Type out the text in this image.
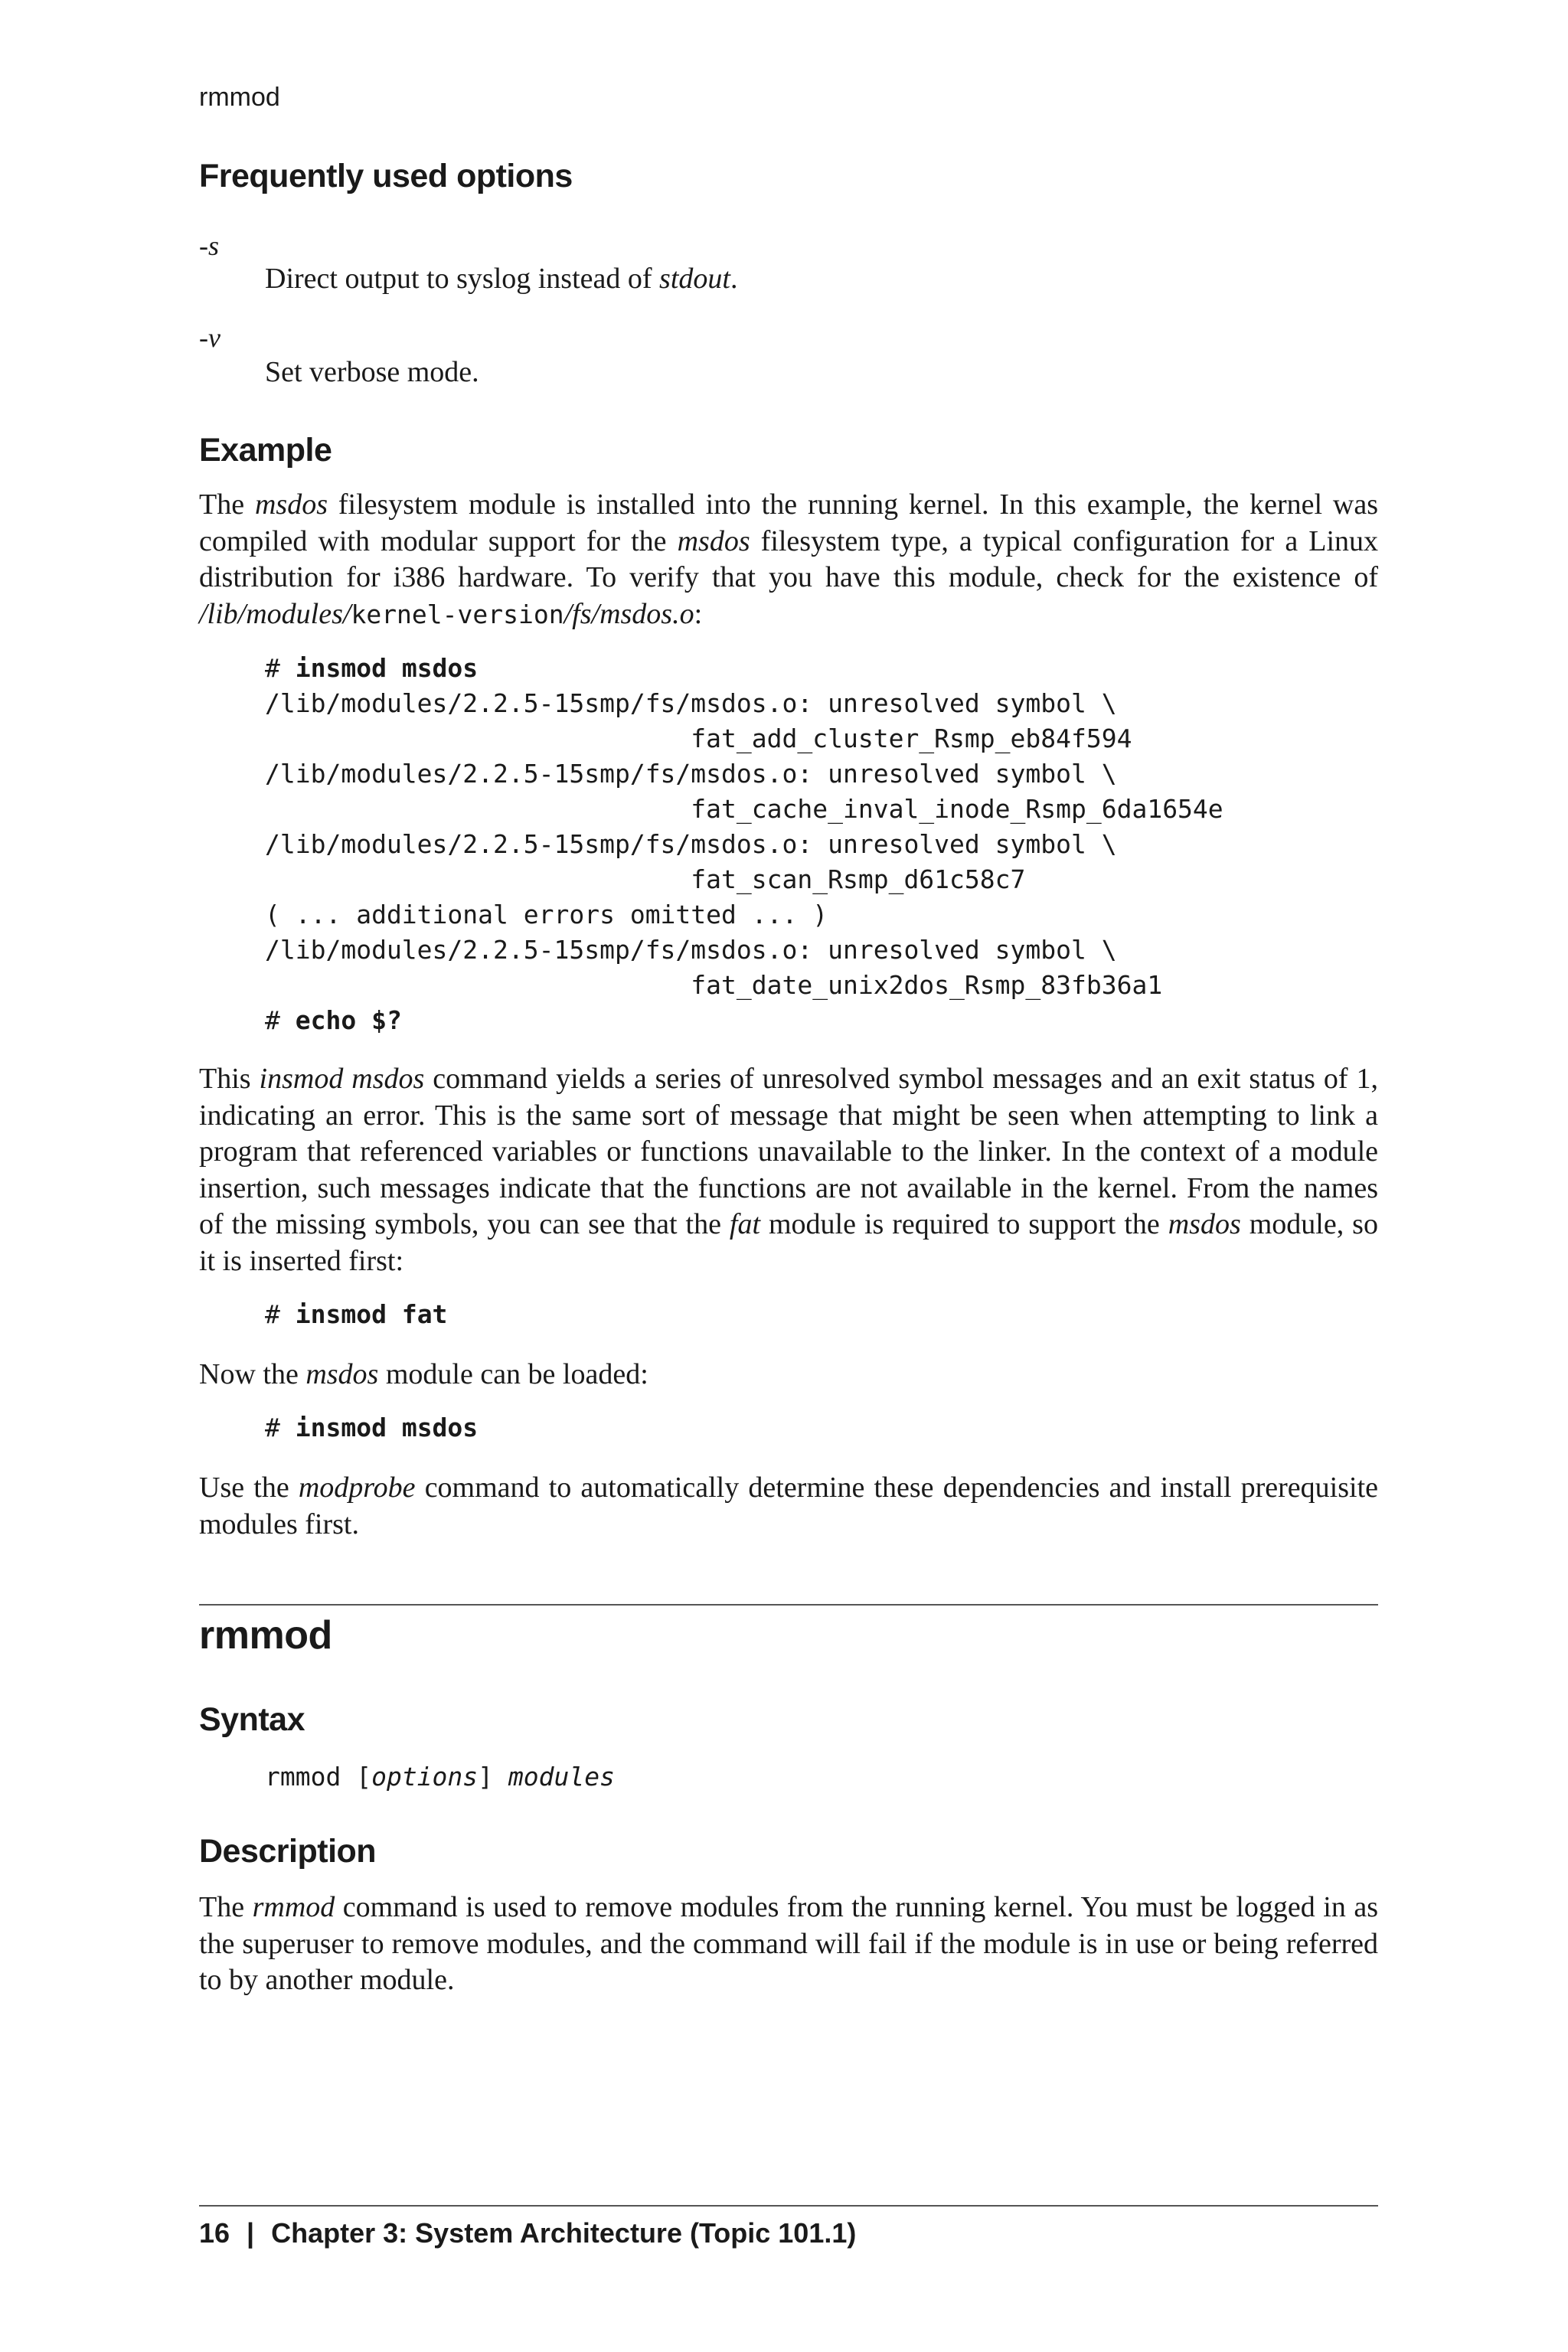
rmmod
Frequently used options
-s
Direct output to syslog instead of stdout.
-v
Set verbose mode.
Example
The msdos filesystem module is installed into the running kernel. In this example, the kernel was compiled with modular support for the msdos filesystem type, a typical configuration for a Linux distribution for i386 hardware. To verify that you have this module, check for the existence of /lib/modules/kernel-version/fs/msdos.o:
# insmod msdos
/lib/modules/2.2.5-15smp/fs/msdos.o: unresolved symbol \
fat_add_cluster_Rsmp_eb84f594
/lib/modules/2.2.5-15smp/fs/msdos.o: unresolved symbol \
fat_cache_inval_inode_Rsmp_6da1654e
/lib/modules/2.2.5-15smp/fs/msdos.o: unresolved symbol \
fat_scan_Rsmp_d61c58c7
( ... additional errors omitted ... )
/lib/modules/2.2.5-15smp/fs/msdos.o: unresolved symbol \
fat_date_unix2dos_Rsmp_83fb36a1
# echo $?
This insmod msdos command yields a series of unresolved symbol messages and an exit status of 1, indicating an error. This is the same sort of message that might be seen when attempting to link a program that referenced variables or functions unavailable to the linker. In the context of a module insertion, such messages indicate that the functions are not available in the kernel. From the names of the missing symbols, you can see that the fat module is required to support the msdos module, so it is inserted first:
# insmod fat
Now the msdos module can be loaded:
# insmod msdos
Use the modprobe command to automatically determine these dependencies and install prerequisite modules first.
rmmod
Syntax
rmmod [options] modules
Description
The rmmod command is used to remove modules from the running kernel. You must be logged in as the superuser to remove modules, and the command will fail if the module is in use or being referred to by another module.
16 | Chapter 3: System Architecture (Topic 101.1)
